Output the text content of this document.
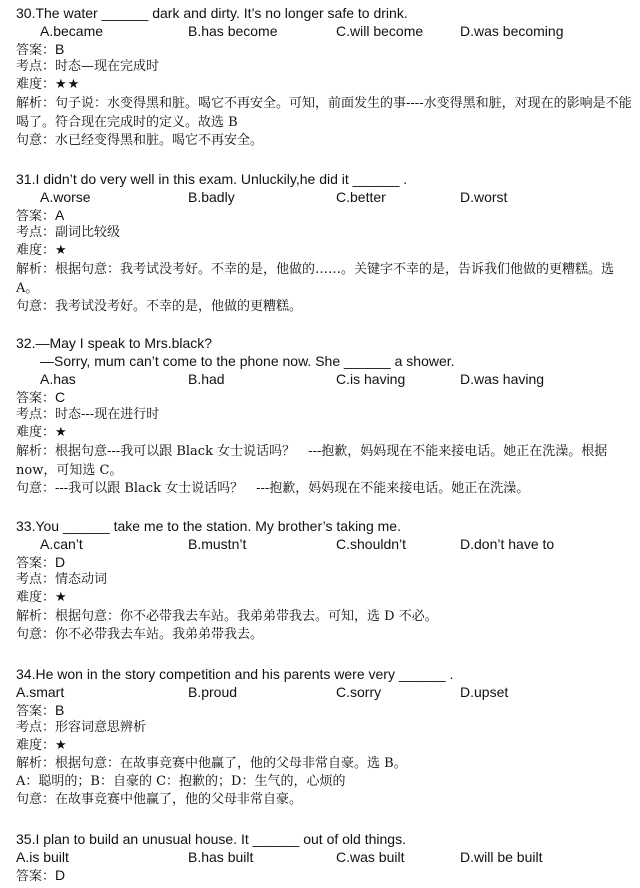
30.The water ______ dark and dirty. It’s no longer safe to drink.
A.became	B.has become	C.will become	D.was becoming
答案：B
考点：时态—现在完成时
难度：★★
解析：句子说：水变得黑和脏。喝它不再安全。可知，前面发生的事----水变得黑和脏，对现在的影响是不能喝了。符合现在完成时的定义。故选 B
句意：水已经变得黑和脏。喝它不再安全。
31.I didn’t do very well in this exam. Unluckily,he did it ______ .
A.worse	B.badly	C.better	D.worst
答案：A
考点：副词比较级
难度：★
解析：根据句意：我考试没考好。不幸的是，他做的……。关键字不幸的是，告诉我们他做的更糟糕。选 A。
句意：我考试没考好。不幸的是，他做的更糟糕。
32.—May I speak to Mrs.black?
—Sorry, mum can’t come to the phone now. She ______ a shower.
A.has	B.had	C.is having	D.was having
答案：C
考点：时态---现在进行时
难度：★
解析：根据句意---我可以跟 Black 女士说话吗？　---抱歉，妈妈现在不能来接电话。她正在洗澡。根据 now，可知选 C。
句意：---我可以跟 Black 女士说话吗？　---抱歉，妈妈现在不能来接电话。她正在洗澡。
33.You ______ take me to the station. My brother’s taking me.
A.can’t	B.mustn’t	C.shouldn’t	D.don’t have to
答案：D
考点：情态动词
难度：★
解析：根据句意：你不必带我去车站。我弟弟带我去。可知，选 D 不必。
句意：你不必带我去车站。我弟弟带我去。
34.He won in the story competition and his parents were very ______ .
A.smart	B.proud	C.sorry	D.upset
答案：B
考点：形容词意思辨析
难度：★
解析：根据句意：在故事竞赛中他赢了，他的父母非常自豪。选 B。
A：聪明的；B：自豪的 C：抱歉的；D：生气的，心烦的
句意：在故事竞赛中他赢了，他的父母非常自豪。
35.I plan to build an unusual house. It ______ out of old things.
A.is built	B.has built	C.was built	D.will be built
答案：D
